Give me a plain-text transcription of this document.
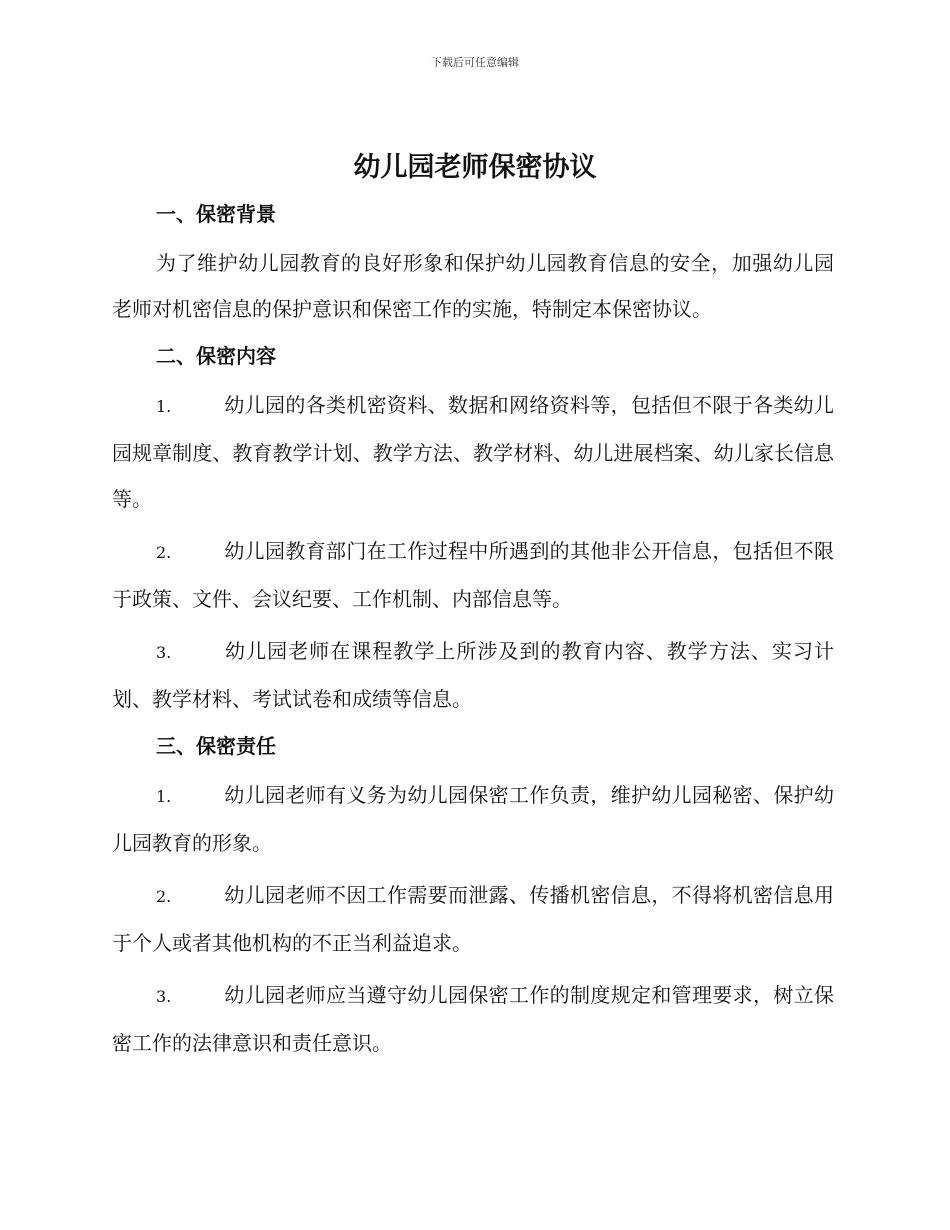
下载后可任意编辑
幼儿园老师保密协议

一、保密背景

为了维护幼儿园教育的良好形象和保护幼儿园教育信息的安全，加强幼儿园老师对机密信息的保护意识和保密工作的实施，特制定本保密协议。

二、保密内容

1.	幼儿园的各类机密资料、数据和网络资料等，包括但不限于各类幼儿园规章制度、教育教学计划、教学方法、教学材料、幼儿进展档案、幼儿家长信息等。

2.	幼儿园教育部门在工作过程中所遇到的其他非公开信息，包括但不限于政策、文件、会议纪要、工作机制、内部信息等。

3.	幼儿园老师在课程教学上所涉及到的教育内容、教学方法、实习计划、教学材料、考试试卷和成绩等信息。

三、保密责任

1.	幼儿园老师有义务为幼儿园保密工作负责，维护幼儿园秘密、保护幼儿园教育的形象。

2.	幼儿园老师不因工作需要而泄露、传播机密信息，不得将机密信息用于个人或者其他机构的不正当利益追求。

3.	幼儿园老师应当遵守幼儿园保密工作的制度规定和管理要求，树立保密工作的法律意识和责任意识。
